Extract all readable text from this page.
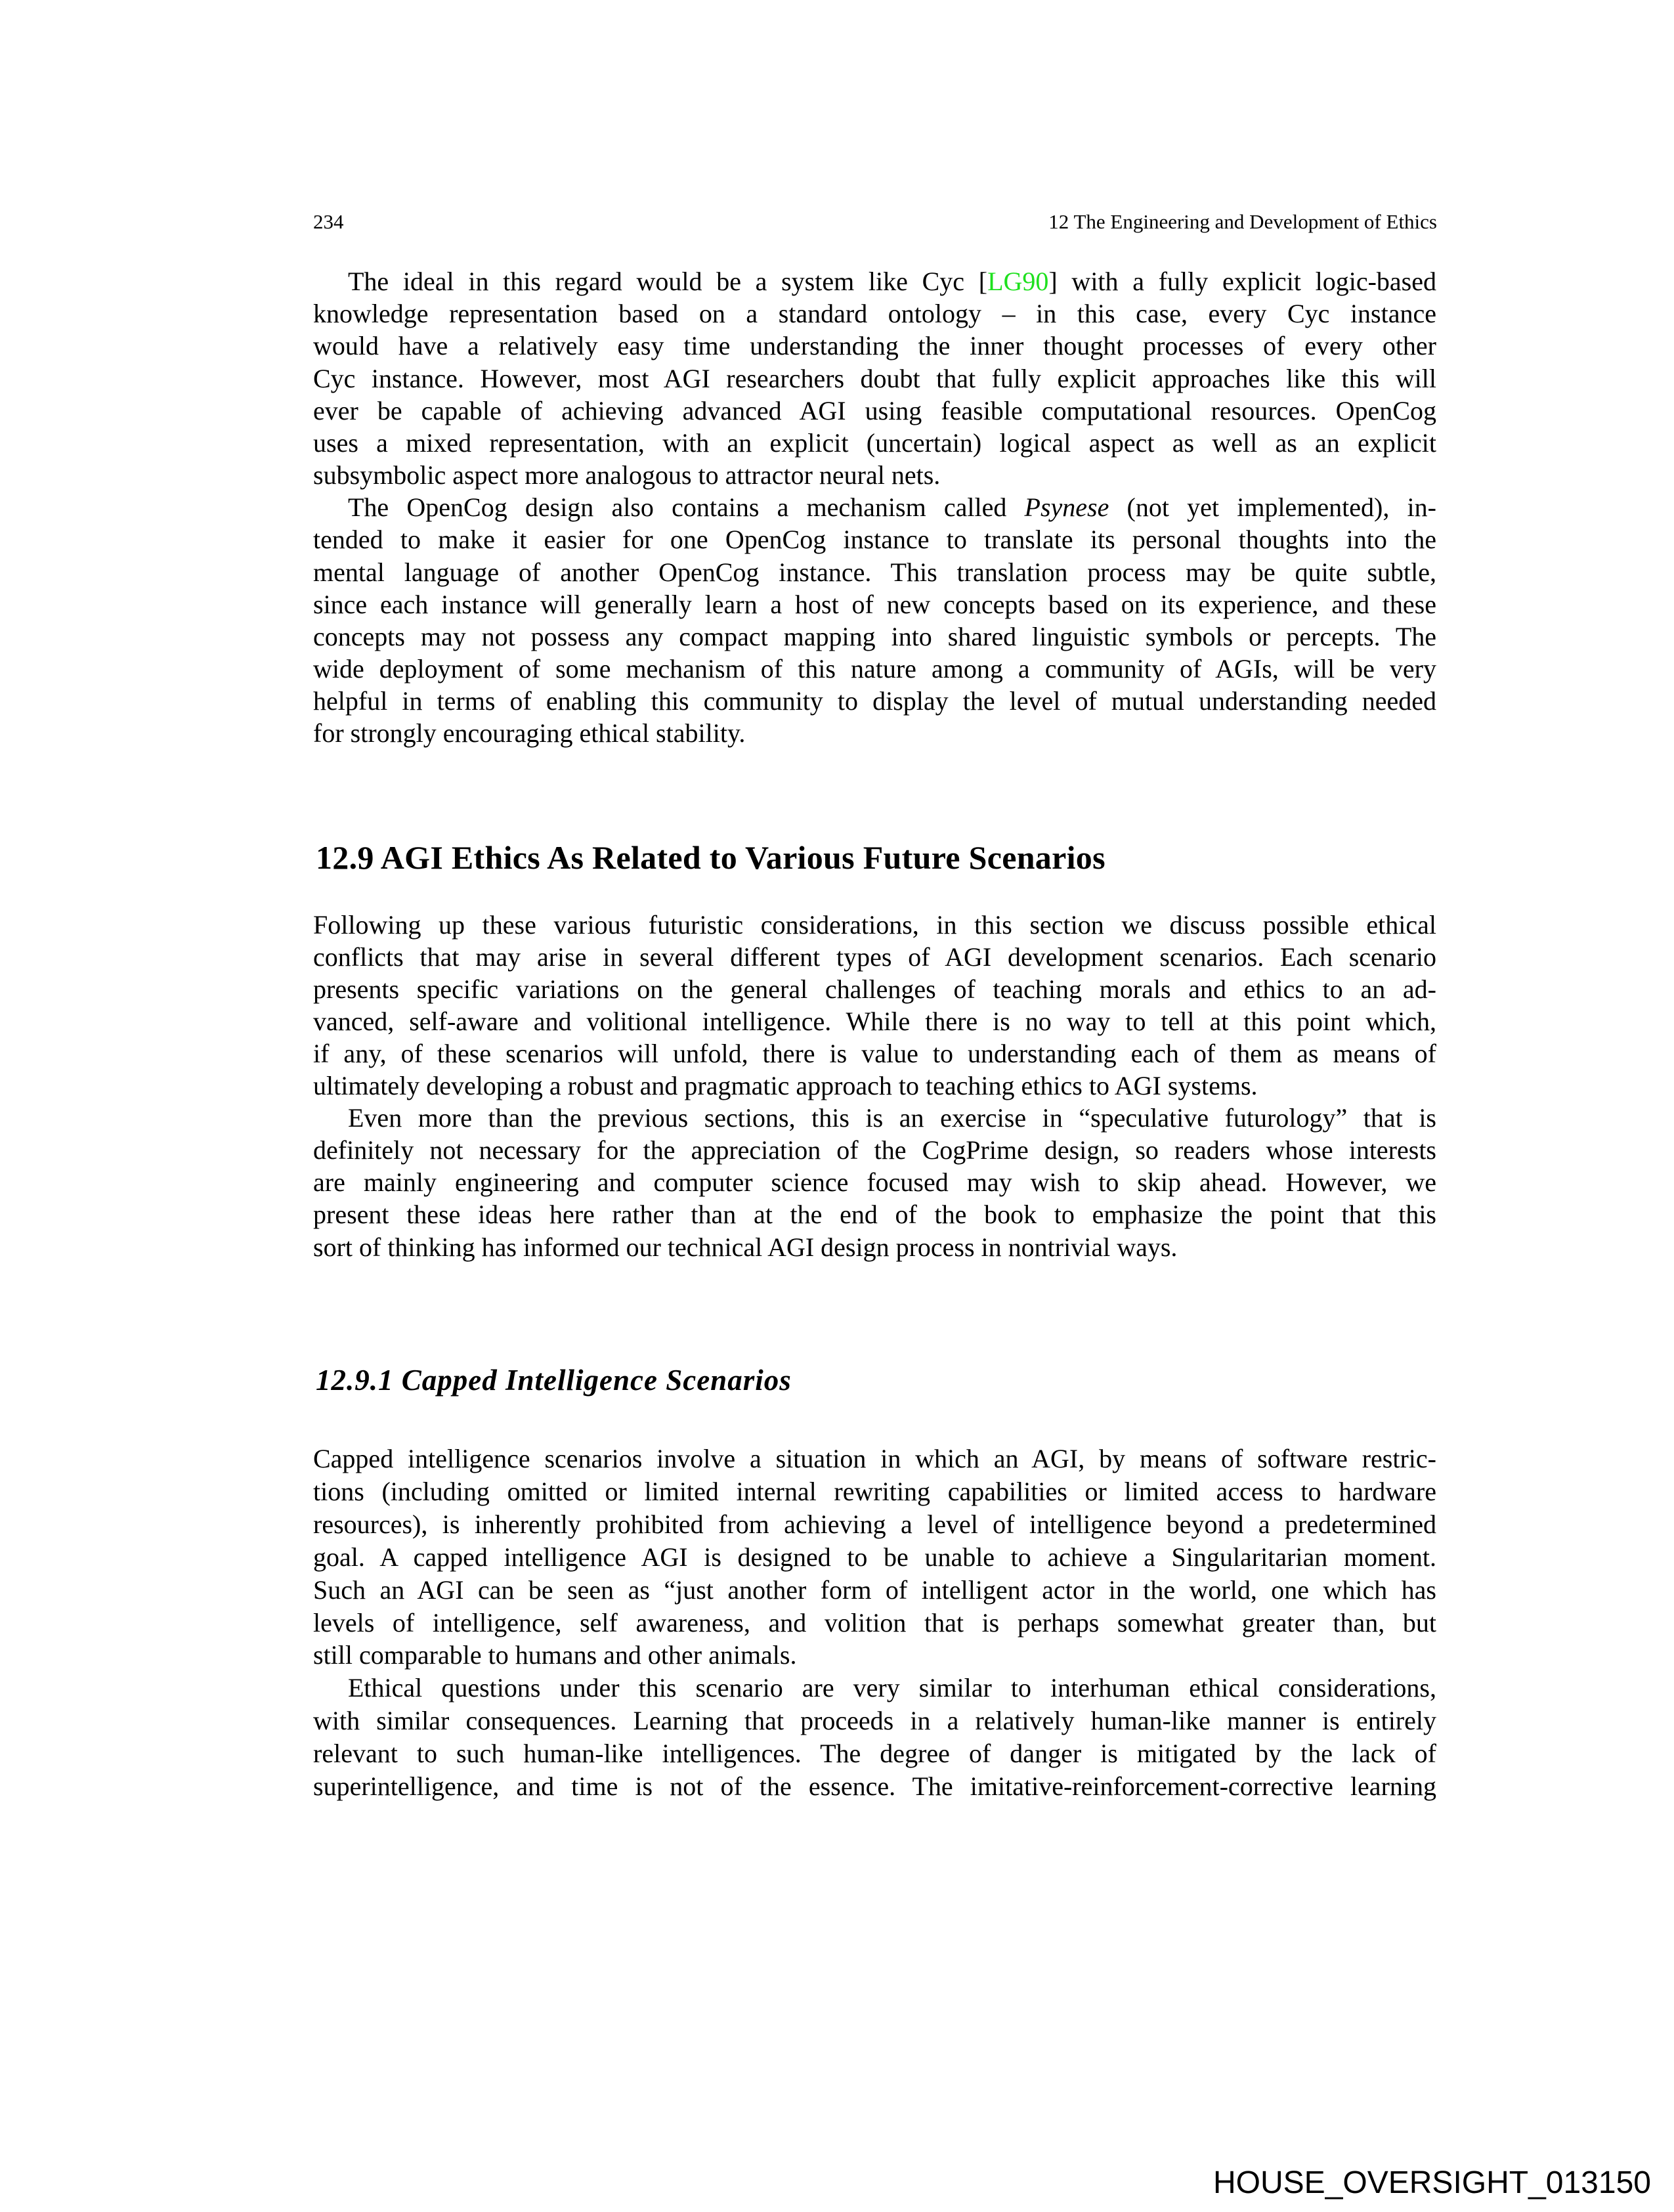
234	12 The Engineering and Development of Ethics
The ideal in this regard would be a system like Cyc [LG90] with a fully explicit logic-based
knowledge representation based on a standard ontology – in this case, every Cyc instance
would have a relatively easy time understanding the inner thought processes of every other
Cyc instance. However, most AGI researchers doubt that fully explicit approaches like this will
ever be capable of achieving advanced AGI using feasible computational resources. OpenCog
uses a mixed representation, with an explicit (uncertain) logical aspect as well as an explicit
subsymbolic aspect more analogous to attractor neural nets.
The OpenCog design also contains a mechanism called Psynese (not yet implemented), in-
tended to make it easier for one OpenCog instance to translate its personal thoughts into the
mental language of another OpenCog instance. This translation process may be quite subtle,
since each instance will generally learn a host of new concepts based on its experience, and these
concepts may not possess any compact mapping into shared linguistic symbols or percepts. The
wide deployment of some mechanism of this nature among a community of AGIs, will be very
helpful in terms of enabling this community to display the level of mutual understanding needed
for strongly encouraging ethical stability.
12.9 AGI Ethics As Related to Various Future Scenarios
Following up these various futuristic considerations, in this section we discuss possible ethical
conflicts that may arise in several different types of AGI development scenarios. Each scenario
presents specific variations on the general challenges of teaching morals and ethics to an ad-
vanced, self-aware and volitional intelligence. While there is no way to tell at this point which,
if any, of these scenarios will unfold, there is value to understanding each of them as means of
ultimately developing a robust and pragmatic approach to teaching ethics to AGI systems.
Even more than the previous sections, this is an exercise in “speculative futurology” that is
definitely not necessary for the appreciation of the CogPrime design, so readers whose interests
are mainly engineering and computer science focused may wish to skip ahead. However, we
present these ideas here rather than at the end of the book to emphasize the point that this
sort of thinking has informed our technical AGI design process in nontrivial ways.
12.9.1 Capped Intelligence Scenarios
Capped intelligence scenarios involve a situation in which an AGI, by means of software restric-
tions (including omitted or limited internal rewriting capabilities or limited access to hardware
resources), is inherently prohibited from achieving a level of intelligence beyond a predetermined
goal. A capped intelligence AGI is designed to be unable to achieve a Singularitarian moment.
Such an AGI can be seen as “just another form of intelligent actor in the world, one which has
levels of intelligence, self awareness, and volition that is perhaps somewhat greater than, but
still comparable to humans and other animals.
Ethical questions under this scenario are very similar to interhuman ethical considerations,
with similar consequences. Learning that proceeds in a relatively human-like manner is entirely
relevant to such human-like intelligences. The degree of danger is mitigated by the lack of
superintelligence, and time is not of the essence. The imitative-reinforcement-corrective learning
HOUSE_OVERSIGHT_013150
